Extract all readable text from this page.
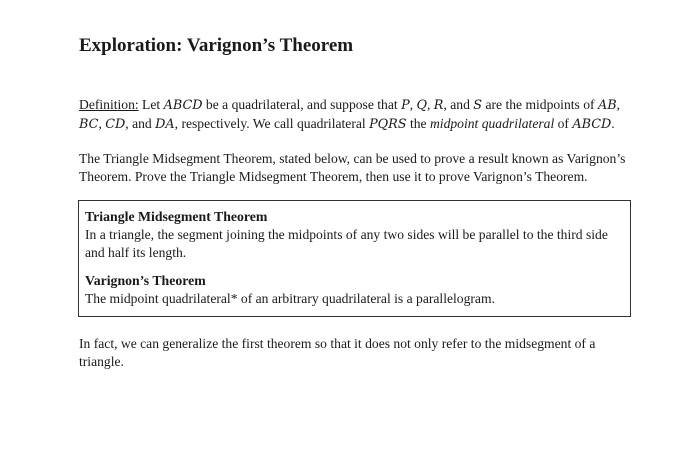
Exploration: Varignon’s Theorem

Definition: Let ABCD be a quadrilateral, and suppose that P, Q, R, and S are the midpoints of AB, BC, CD, and DA, respectively. We call quadrilateral PQRS the midpoint quadrilateral of ABCD.

The Triangle Midsegment Theorem, stated below, can be used to prove a result known as Varignon’s Theorem. Prove the Triangle Midsegment Theorem, then use it to prove Varignon’s Theorem.

Triangle Midsegment Theorem
In a triangle, the segment joining the midpoints of any two sides will be parallel to the third side and half its length.
Varignon’s Theorem
The midpoint quadrilateral* of an arbitrary quadrilateral is a parallelogram.

In fact, we can generalize the first theorem so that it does not only refer to the midsegment of a triangle.
